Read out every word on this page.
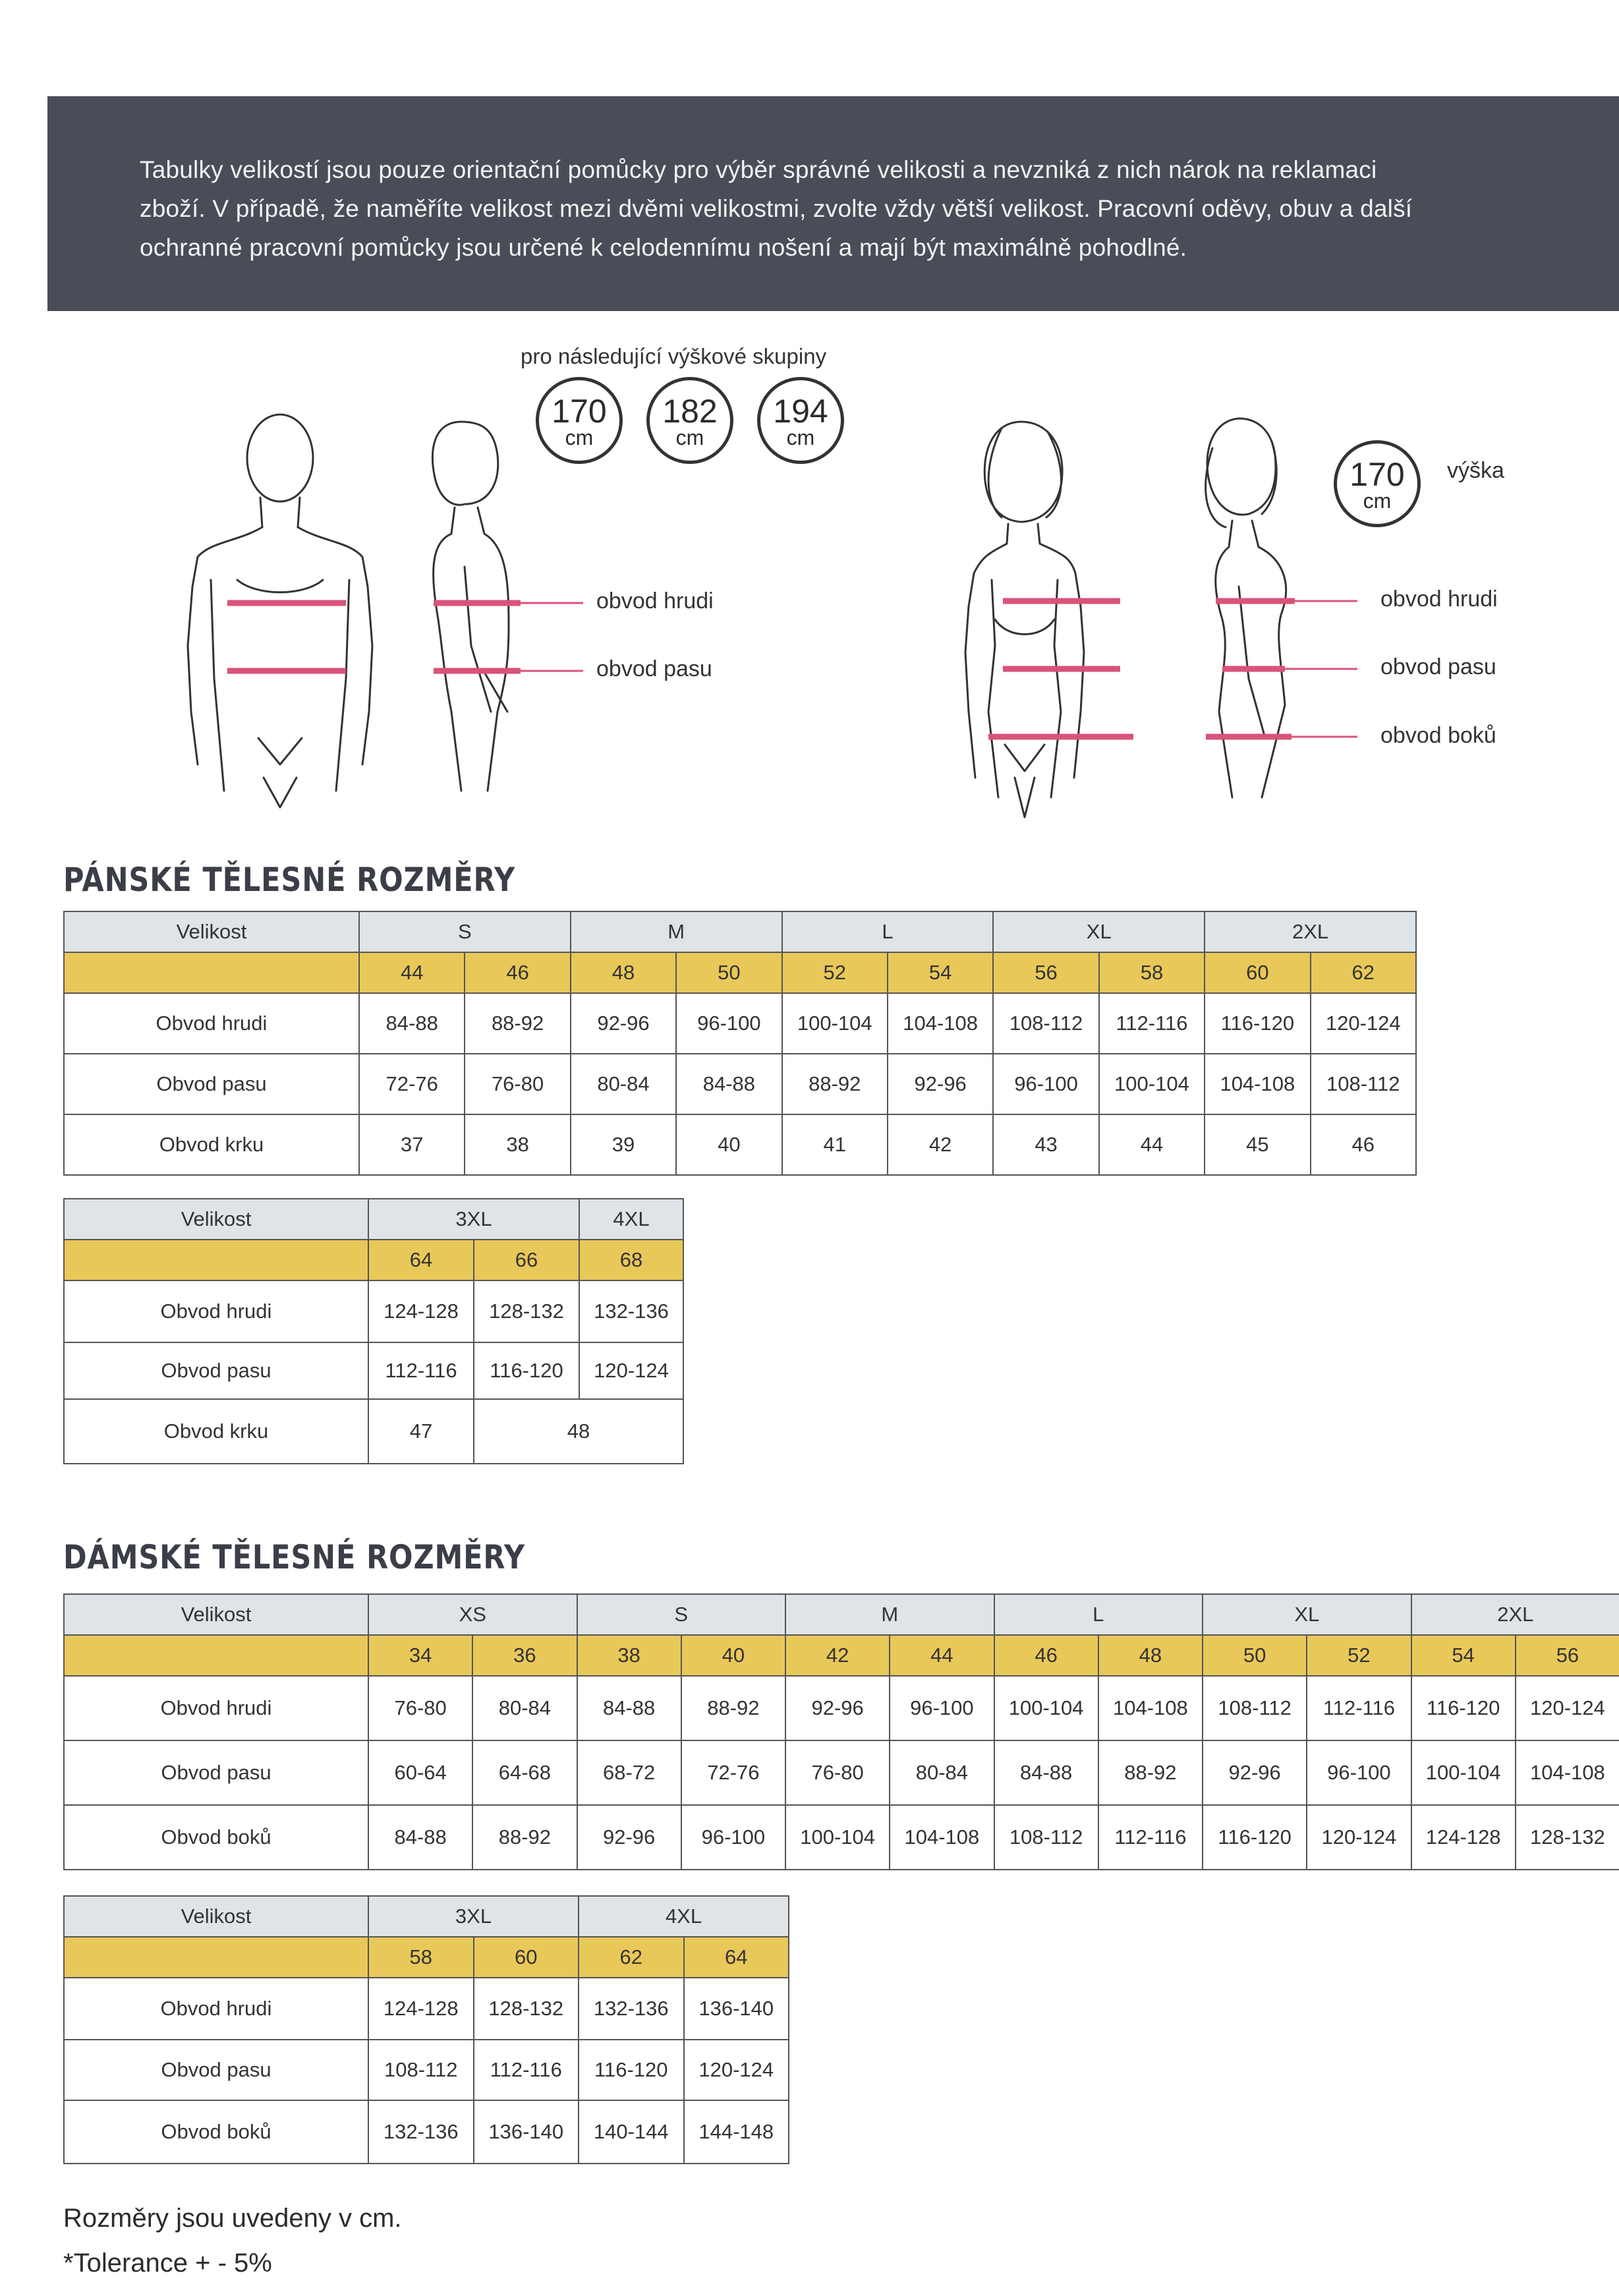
Tabulky velikostí jsou pouze orientační pomůcky pro výběr správné velikosti a nevzniká z nich nárok na reklamaci
zboží. V případě, že naměříte velikost mezi dvěmi velikostmi, zvolte vždy větší velikost. Pracovní oděvy, obuv a další
ochranné pracovní pomůcky jsou určené k celodennímu nošení a mají být maximálně pohodlné.
pro následující výškové skupiny
170
cm
182
cm
194
cm
170
cm
výška
obvod hrudi
obvod pasu
obvod hrudi
obvod pasu
obvod boků
PÁNSKÉ TĚLESNÉ ROZMĚRY
Velikost	S		M		L		XL		2XL	
	44	46	48	50	52	54	56	58	60	62
Obvod hrudi	84-88	88-92	92-96	96-100	100-104	104-108	108-112	112-116	116-120	120-124
Obvod pasu	72-76	76-80	80-84	84-88	88-92	92-96	96-100	100-104	104-108	108-112
Obvod krku	37	38	39	40	41	42	43	44	45	46
Velikost	3XL		4XL
	64	66	68
Obvod hrudi	124-128	128-132	132-136
Obvod pasu	112-116	116-120	120-124
Obvod krku	47	48	
DÁMSKÉ TĚLESNÉ ROZMĚRY
Velikost	XS		S		M		L		XL		2XL	
	34	36	38	40	42	44	46	48	50	52	54	56
Obvod hrudi	76-80	80-84	84-88	88-92	92-96	96-100	100-104	104-108	108-112	112-116	116-120	120-124
Obvod pasu	60-64	64-68	68-72	72-76	76-80	80-84	84-88	88-92	92-96	96-100	100-104	104-108
Obvod boků	84-88	88-92	92-96	96-100	100-104	104-108	108-112	112-116	116-120	120-124	124-128	128-132
Velikost	3XL		4XL	
	58	60	62	64
Obvod hrudi	124-128	128-132	132-136	136-140
Obvod pasu	108-112	112-116	116-120	120-124
Obvod boků	132-136	136-140	140-144	144-148
Rozměry jsou uvedeny v cm.
*Tolerance + - 5%
